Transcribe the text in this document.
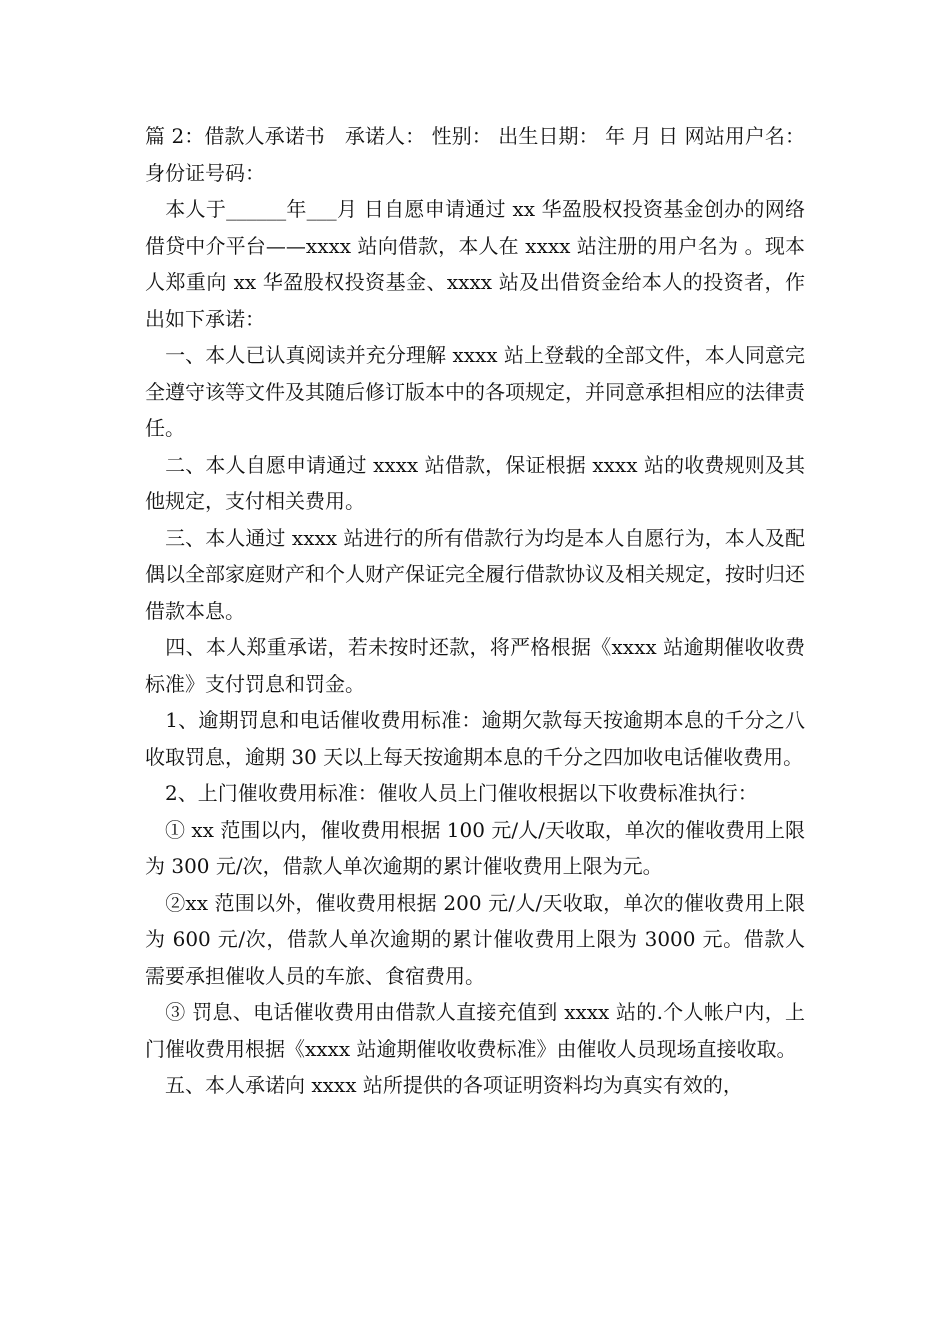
篇 2：借款人承诺书　承诺人： 性别： 出生日期： 年 月 日 网站用户名： 身份证号码：

　本人于______年___月 日自愿申请通过 xx 华盈股权投资基金创办的网络借贷中介平台——xxxx 站向借款，本人在 xxxx 站注册的用户名为 。现本人郑重向 xx 华盈股权投资基金、xxxx 站及出借资金给本人的投资者，作出如下承诺：

　一、本人已认真阅读并充分理解 xxxx 站上登载的全部文件，本人同意完全遵守该等文件及其随后修订版本中的各项规定，并同意承担相应的法律责任。

　二、本人自愿申请通过 xxxx 站借款，保证根据 xxxx 站的收费规则及其他规定，支付相关费用。

　三、本人通过 xxxx 站进行的所有借款行为均是本人自愿行为，本人及配偶以全部家庭财产和个人财产保证完全履行借款协议及相关规定，按时归还借款本息。

　四、本人郑重承诺，若未按时还款，将严格根据《xxxx 站逾期催收收费标准》支付罚息和罚金。

　1、逾期罚息和电话催收费用标准：逾期欠款每天按逾期本息的千分之八收取罚息，逾期 30 天以上每天按逾期本息的千分之四加收电话催收费用。

　2、上门催收费用标准：催收人员上门催收根据以下收费标准执行：

　① xx 范围以内，催收费用根据 100 元/人/天收取，单次的催收费用上限为 300 元/次，借款人单次逾期的累计催收费用上限为元。

　②xx 范围以外，催收费用根据 200 元/人/天收取，单次的催收费用上限为 600 元/次，借款人单次逾期的累计催收费用上限为 3000 元。借款人需要承担催收人员的车旅、食宿费用。

　③ 罚息、电话催收费用由借款人直接充值到 xxxx 站的.个人帐户内，上门催收费用根据《xxxx 站逾期催收收费标准》由催收人员现场直接收取。

　五、本人承诺向 xxxx 站所提供的各项证明资料均为真实有效的，
